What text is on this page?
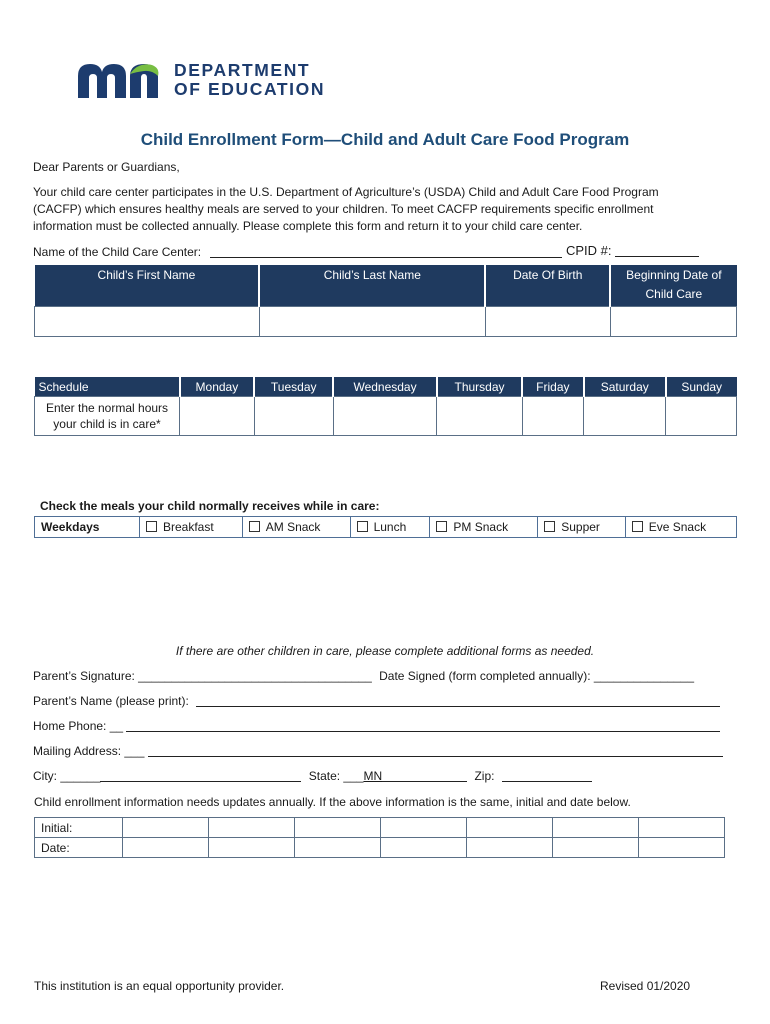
DEPARTMENT
OF EDUCATION
Child Enrollment Form—Child and Adult Care Food Program
Dear Parents or Guardians,
Your child care center participates in the U.S. Department of Agriculture’s (USDA) Child and Adult Care Food Program
(CACFP) which ensures healthy meals are served to your children. To meet CACFP requirements specific enrollment
information must be collected annually. Please complete this form and return it to your child care center.
Name of the Child Care Center:	CPID #:
Child’s First Name	Child’s Last Name	Date Of Birth	Beginning Date of Child Care

Schedule	Monday	Tuesday	Wednesday	Thursday	Friday	Saturday	Sunday
Enter the normal hours your child is in care*							
Check the meals your child normally receives while in care:
Weekdays	Breakfast	AM Snack	Lunch	PM Snack	Supper	Eve Snack
If there are other children in care, please complete additional forms as needed.
Parent’s Signature: ___________________________________ Date Signed (form completed annually): _______________
Parent’s Name (please print):
Home Phone: __
Mailing Address: ___
City: ______	State: ___MN	Zip:
Child enrollment information needs updates annually. If the above information is the same, initial and date below.
Initial:							
Date:							
This institution is an equal opportunity provider.	Revised 01/2020
